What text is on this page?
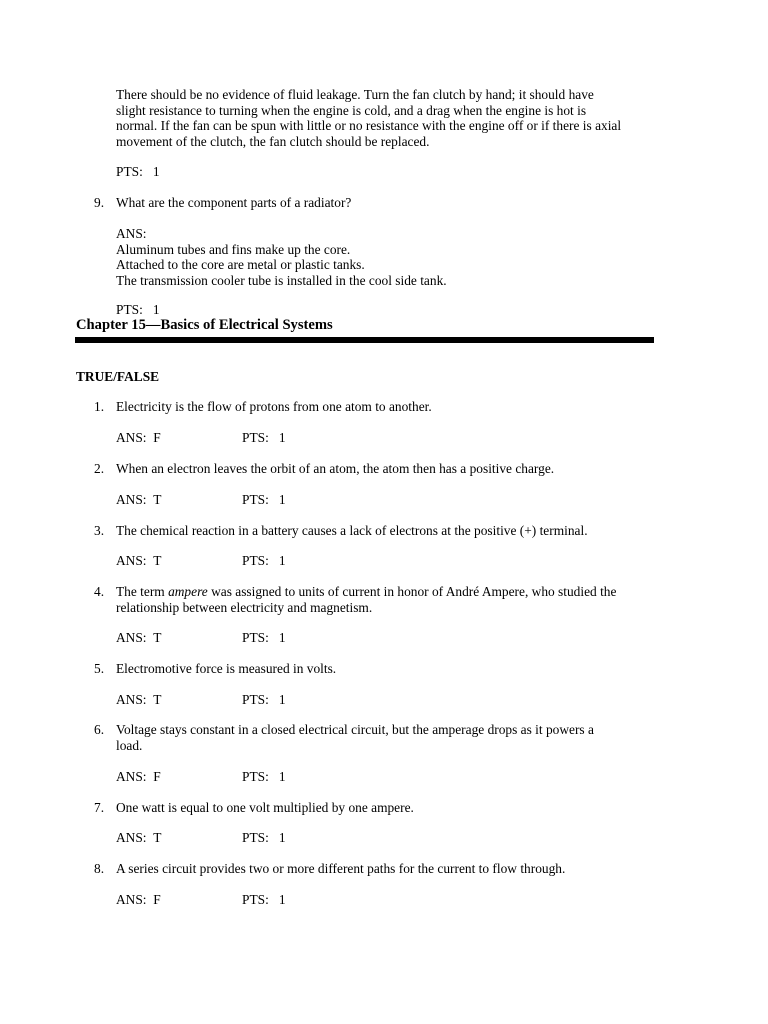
There should be no evidence of fluid leakage. Turn the fan clutch by hand; it should have
slight resistance to turning when the engine is cold, and a drag when the engine is hot is
normal. If the fan can be spun with little or no resistance with the engine off or if there is axial
movement of the clutch, the fan clutch should be replaced.
PTS:   1
9. What are the component parts of a radiator?
ANS:
Aluminum tubes and fins make up the core.
Attached to the core are metal or plastic tanks.
The transmission cooler tube is installed in the cool side tank.
PTS:   1
Chapter 15—Basics of Electrical Systems
TRUE/FALSE
1. Electricity is the flow of protons from one atom to another.
ANS:  F	PTS:   1
2. When an electron leaves the orbit of an atom, the atom then has a positive charge.
ANS:  T	PTS:   1
3. The chemical reaction in a battery causes a lack of electrons at the positive (+) terminal.
ANS:  T	PTS:   1
4. The term ampere was assigned to units of current in honor of André Ampere, who studied the
relationship between electricity and magnetism.
ANS:  T	PTS:   1
5. Electromotive force is measured in volts.
ANS:  T	PTS:   1
6. Voltage stays constant in a closed electrical circuit, but the amperage drops as it powers a
load.
ANS:  F	PTS:   1
7. One watt is equal to one volt multiplied by one ampere.
ANS:  T	PTS:   1
8. A series circuit provides two or more different paths for the current to flow through.
ANS:  F	PTS:   1
